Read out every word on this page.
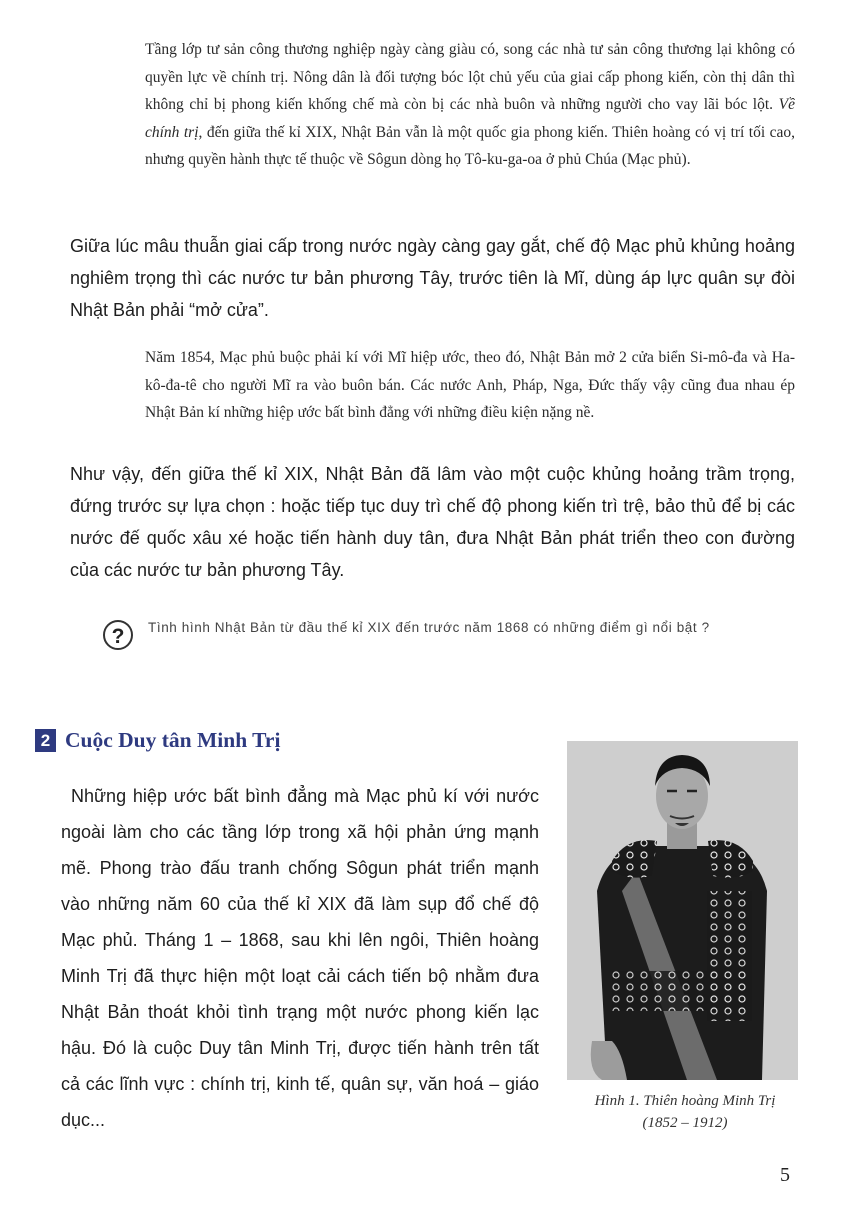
Tầng lớp tư sản công thương nghiệp ngày càng giàu có, song các nhà tư sản công thương lại không có quyền lực về chính trị. Nông dân là đối tượng bóc lột chủ yếu của giai cấp phong kiến, còn thị dân thì không chỉ bị phong kiến khống chế mà còn bị các nhà buôn và những người cho vay lãi bóc lột. Về chính trị, đến giữa thế kỉ XIX, Nhật Bản vẫn là một quốc gia phong kiến. Thiên hoàng có vị trí tối cao, nhưng quyền hành thực tế thuộc về Sôgun dòng họ Tô-ku-ga-oa ở phủ Chúa (Mạc phủ).

Giữa lúc mâu thuẫn giai cấp trong nước ngày càng gay gắt, chế độ Mạc phủ khủng hoảng nghiêm trọng thì các nước tư bản phương Tây, trước tiên là Mĩ, dùng áp lực quân sự đòi Nhật Bản phải “mở cửa”.

Năm 1854, Mạc phủ buộc phải kí với Mĩ hiệp ước, theo đó, Nhật Bản mở 2 cửa biển Si-mô-đa và Ha-kô-đa-tê cho người Mĩ ra vào buôn bán. Các nước Anh, Pháp, Nga, Đức thấy vậy cũng đua nhau ép Nhật Bản kí những hiệp ước bất bình đẳng với những điều kiện nặng nề.

Như vậy, đến giữa thế kỉ XIX, Nhật Bản đã lâm vào một cuộc khủng hoảng trầm trọng, đứng trước sự lựa chọn : hoặc tiếp tục duy trì chế độ phong kiến trì trệ, bảo thủ để bị các nước đế quốc xâu xé hoặc tiến hành duy tân, đưa Nhật Bản phát triển theo con đường của các nước tư bản phương Tây.

?	Tình hình Nhật Bản từ đầu thế kỉ XIX đến trước năm 1868 có những điểm gì nổi bật ?
2 Cuộc Duy tân Minh Trị

Những hiệp ước bất bình đẳng mà Mạc phủ kí với nước ngoài làm cho các tầng lớp trong xã hội phản ứng mạnh mẽ. Phong trào đấu tranh chống Sôgun phát triển mạnh vào những năm 60 của thế kỉ XIX đã làm sụp đổ chế độ Mạc phủ. Tháng 1 – 1868, sau khi lên ngôi, Thiên hoàng Minh Trị đã thực hiện một loạt cải cách tiến bộ nhằm đưa Nhật Bản thoát khỏi tình trạng một nước phong kiến lạc hậu. Đó là cuộc Duy tân Minh Trị, được tiến hành trên tất cả các lĩnh vực : chính trị, kinh tế, quân sự, văn hoá – giáo dục...

Hình 1. Thiên hoàng Minh Trị
(1852 – 1912)
5
